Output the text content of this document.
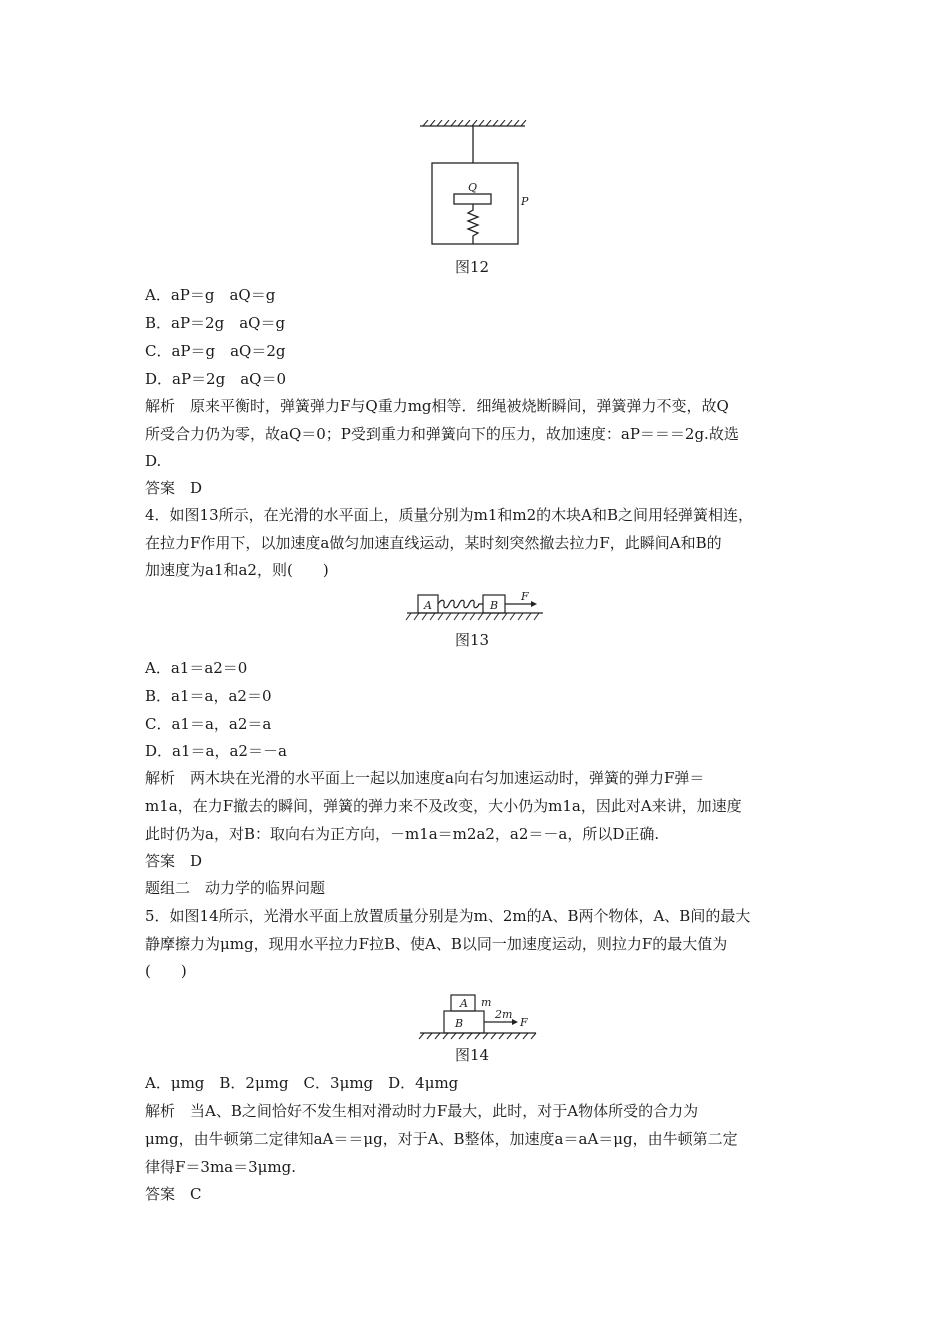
Q
P
图12
A．aP＝g　aQ＝g
B．aP＝2g　aQ＝g
C．aP＝g　aQ＝2g
D．aP＝2g　aQ＝0
解析　原来平衡时，弹簧弹力F与Q重力mg相等．细绳被烧断瞬间，弹簧弹力不变，故Q
所受合力仍为零，故aQ＝0；P受到重力和弹簧向下的压力，故加速度：aP＝＝＝2g.故选
D.
答案　D
4．如图13所示，在光滑的水平面上，质量分别为m1和m2的木块A和B之间用轻弹簧相连，
在拉力F作用下，以加速度a做匀加速直线运动，某时刻突然撤去拉力F，此瞬间A和B的
加速度为a1和a2，则(　　)
A	B
F
图13
A．a1＝a2＝0
B．a1＝a，a2＝0
C．a1＝a，a2＝a
D．a1＝a，a2＝－a
解析　两木块在光滑的水平面上一起以加速度a向右匀加速运动时，弹簧的弹力F弹＝
m1a，在力F撤去的瞬间，弹簧的弹力来不及改变，大小仍为m1a，因此对A来讲，加速度
此时仍为a，对B：取向右为正方向，－m1a＝m2a2，a2＝－a，所以D正确.
答案　D
题组二　动力学的临界问题
5．如图14所示，光滑水平面上放置质量分别是为m、2m的A、B两个物体，A、B间的最大
静摩擦力为μmg，现用水平拉力F拉B、使A、B以同一加速度运动，则拉力F的最大值为
(　　)
A
B
m
2m
F
图14
A．μmg　B．2μmg　C．3μmg　D．4μmg
解析　当A、B之间恰好不发生相对滑动时力F最大，此时，对于A物体所受的合力为
μmg，由牛顿第二定律知aA＝＝μg，对于A、B整体，加速度a＝aA＝μg，由牛顿第二定
律得F＝3ma＝3μmg.
答案　C
